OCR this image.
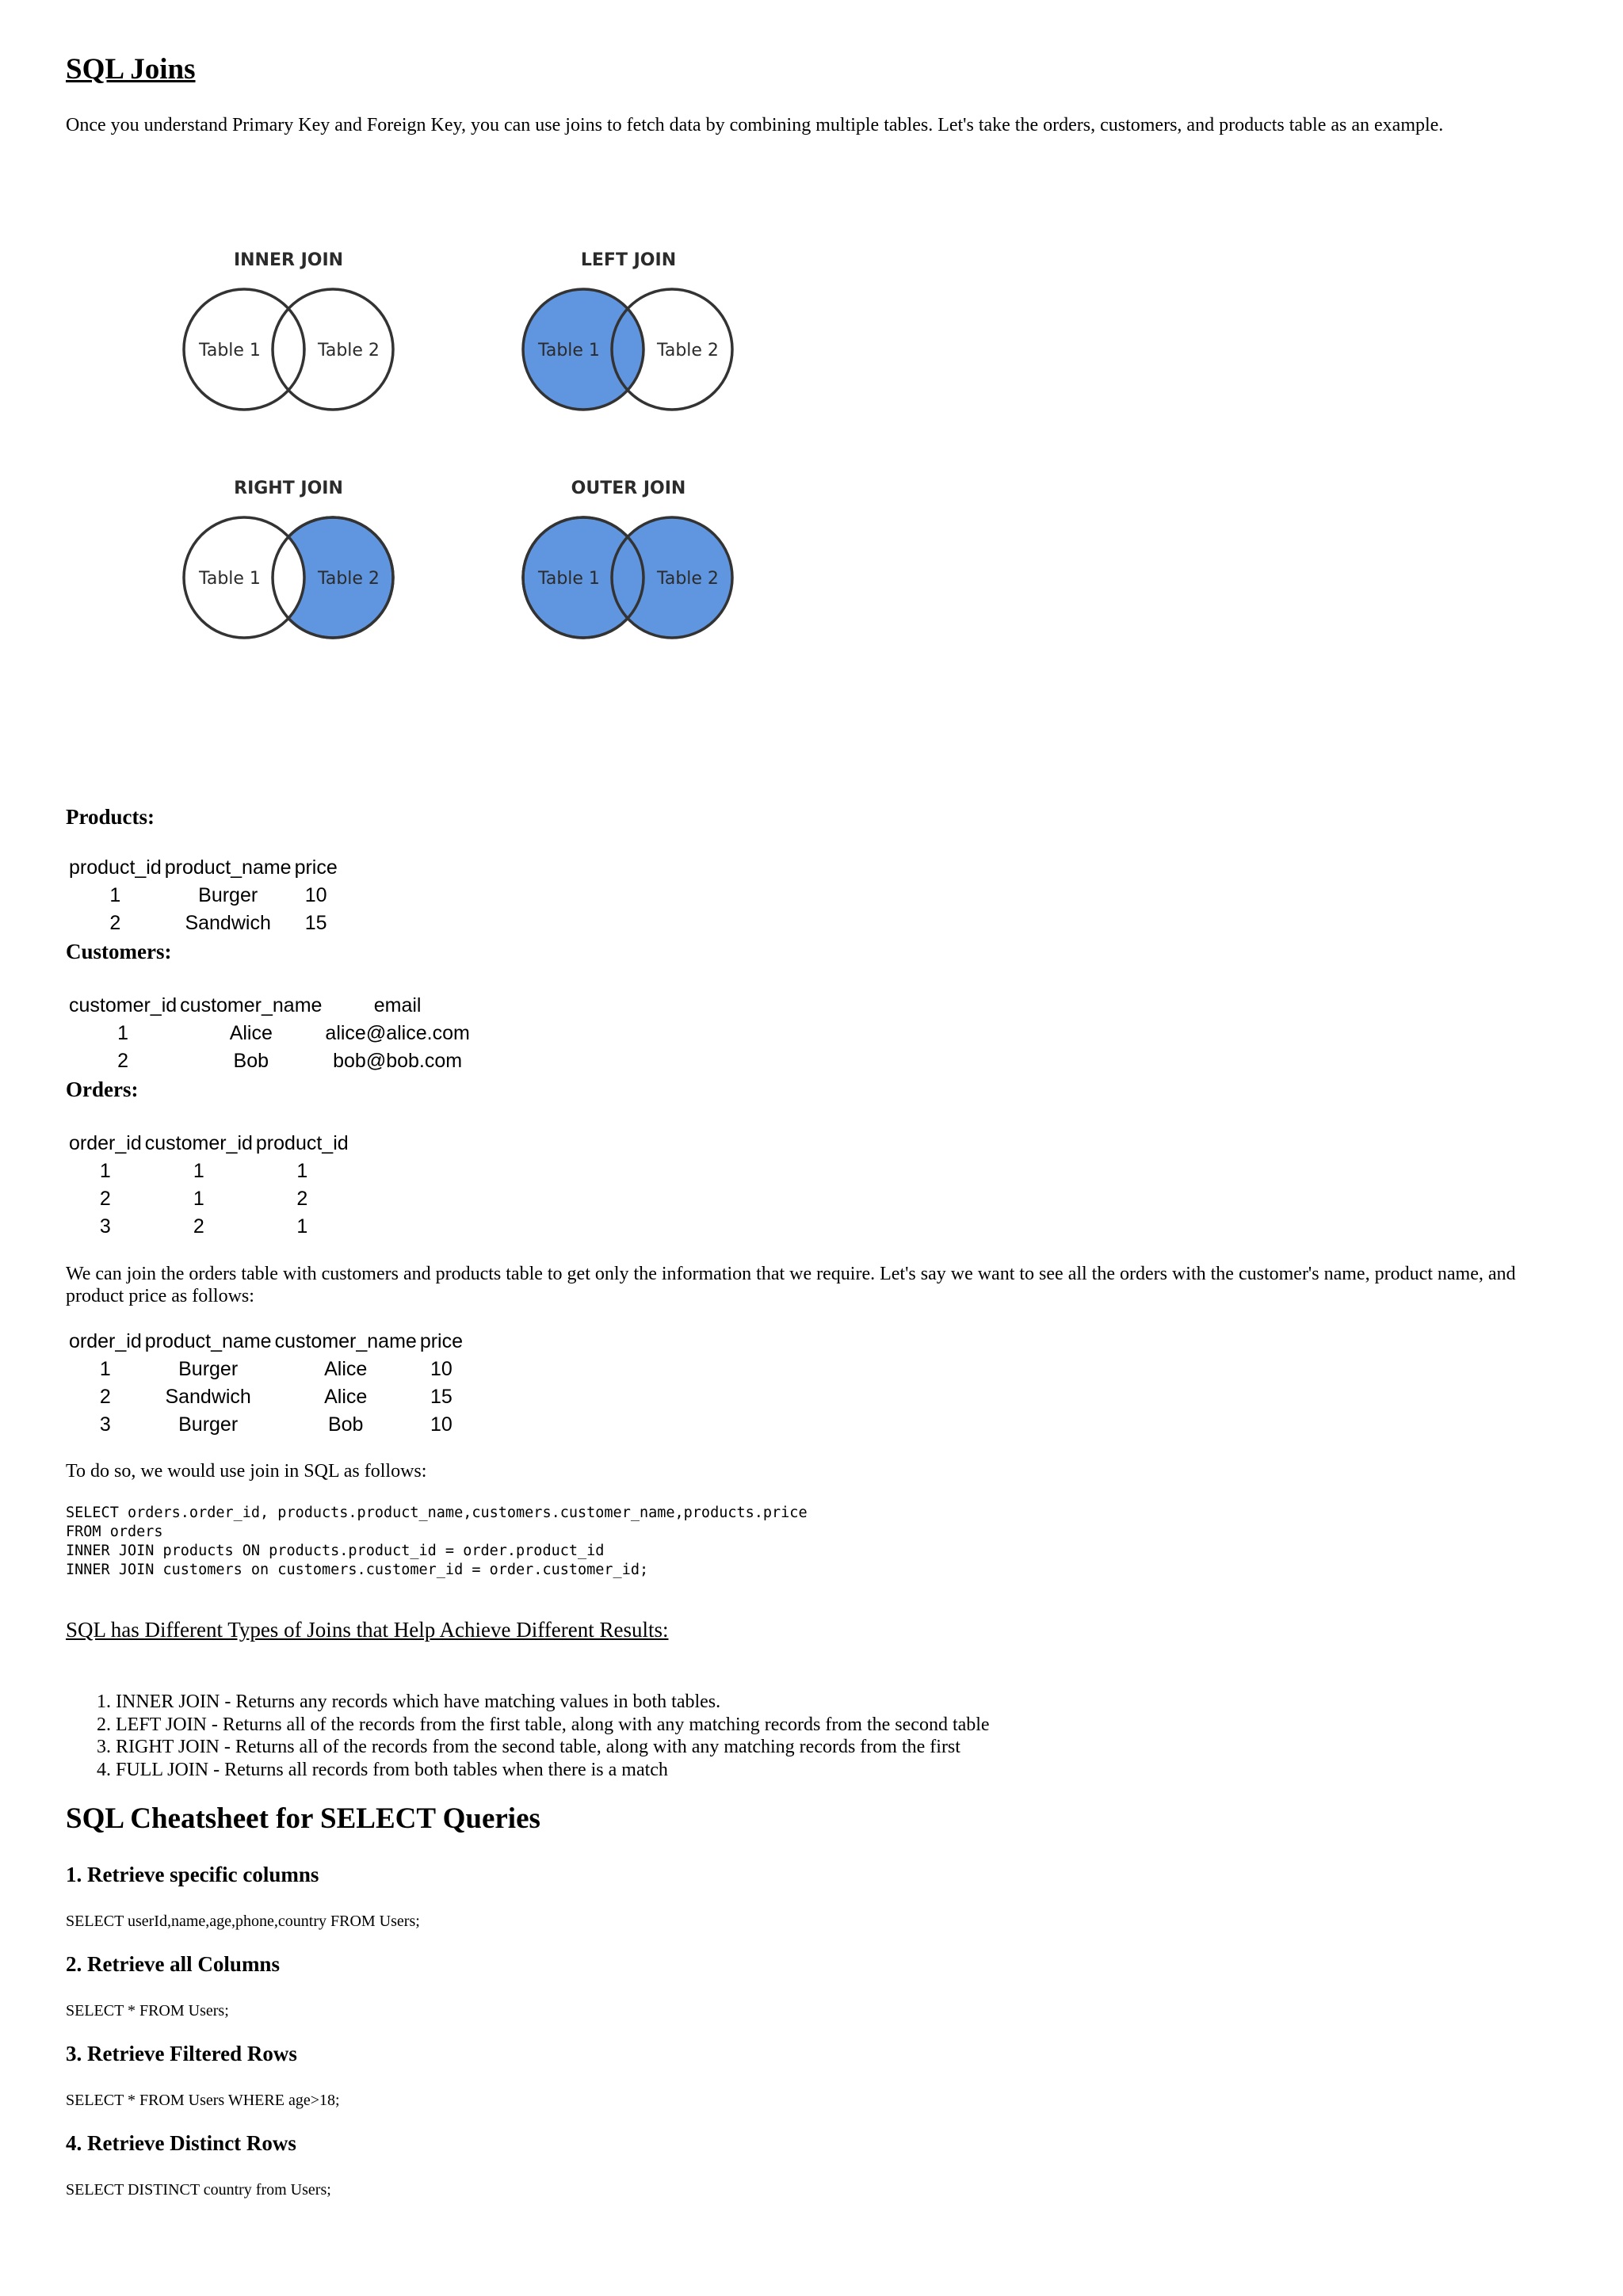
SQL Joins
Once you understand Primary Key and Foreign Key, you can use joins to fetch data by combining multiple tables. Let's take the orders, customers, and products table as an example.
INNER JOIN
Table 1	Table 2
LEFT JOIN
Table 1	Table 2
RIGHT JOIN
Table 1	Table 2
OUTER JOIN
Table 1	Table 2
Products:
product_id	product_name	price
1	Burger	10
2	Sandwich	15
Customers:
customer_id	customer_name	email
1	Alice	alice@alice.com
2	Bob	bob@bob.com
Orders:
order_id	customer_id	product_id
1	1	1
2	1	2
3	2	1
We can join the orders table with customers and products table to get only the information that we require. Let's say we want to see all the orders with the customer's name, product name, and product price as follows:
order_id	product_name	customer_name	price
1	Burger	Alice	10
2	Sandwich	Alice	15
3	Burger	Bob	10
To do so, we would use join in SQL as follows:
SELECT orders.order_id, products.product_name,customers.customer_name,products.price
FROM orders
INNER JOIN products ON products.product_id = order.product_id
INNER JOIN customers on customers.customer_id = order.customer_id;
SQL has Different Types of Joins that Help Achieve Different Results:
1. INNER JOIN - Returns any records which have matching values in both tables.
2. LEFT JOIN - Returns all of the records from the first table, along with any matching records from the second table
3. RIGHT JOIN - Returns all of the records from the second table, along with any matching records from the first
4. FULL JOIN - Returns all records from both tables when there is a match
SQL Cheatsheet for SELECT Queries
1. Retrieve specific columns
SELECT userId,name,age,phone,country FROM Users;
2. Retrieve all Columns
SELECT * FROM Users;
3. Retrieve Filtered Rows
SELECT * FROM Users WHERE age>18;
4. Retrieve Distinct Rows
SELECT DISTINCT country from Users;
